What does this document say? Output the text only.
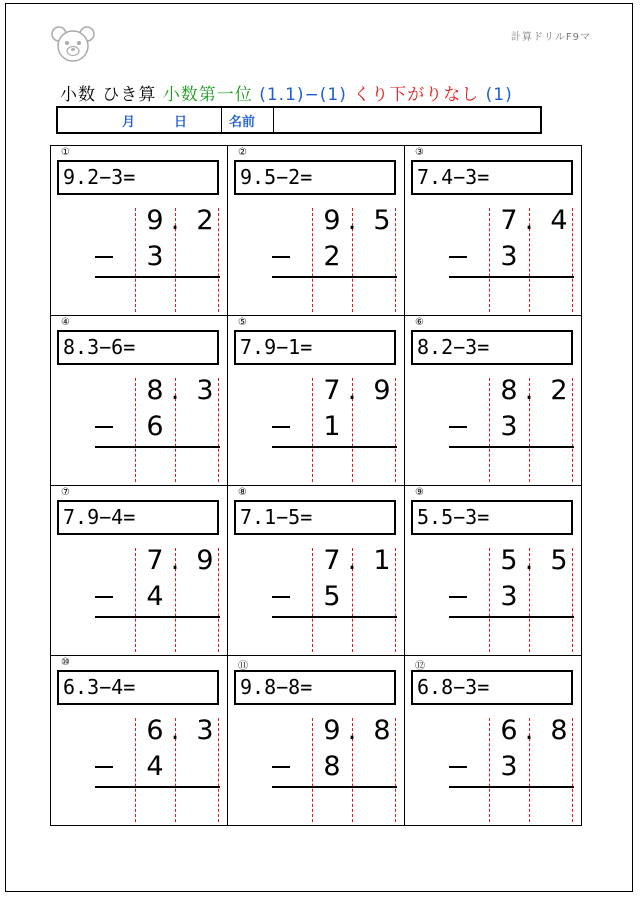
計算ドリルF9マ
小数 ひき算 小数第一位 (1.1)−(1) くり下がりなし (1)
月	日	名前
①
9.2−3=
9 . 2
3
②
9.5−2=
9 . 5
2
③
7.4−3=
7 . 4
3
④
8.3−6=
8 . 3
6
⑤
7.9−1=
7 . 9
1
⑥
8.2−3=
8 . 2
3
⑦
7.9−4=
7 . 9
4
⑧
7.1−5=
7 . 1
5
⑨
5.5−3=
5 . 5
3
⑩
6.3−4=
6 . 3
4
⑪
9.8−8=
9 . 8
8
⑫
6.8−3=
6 . 8
3
